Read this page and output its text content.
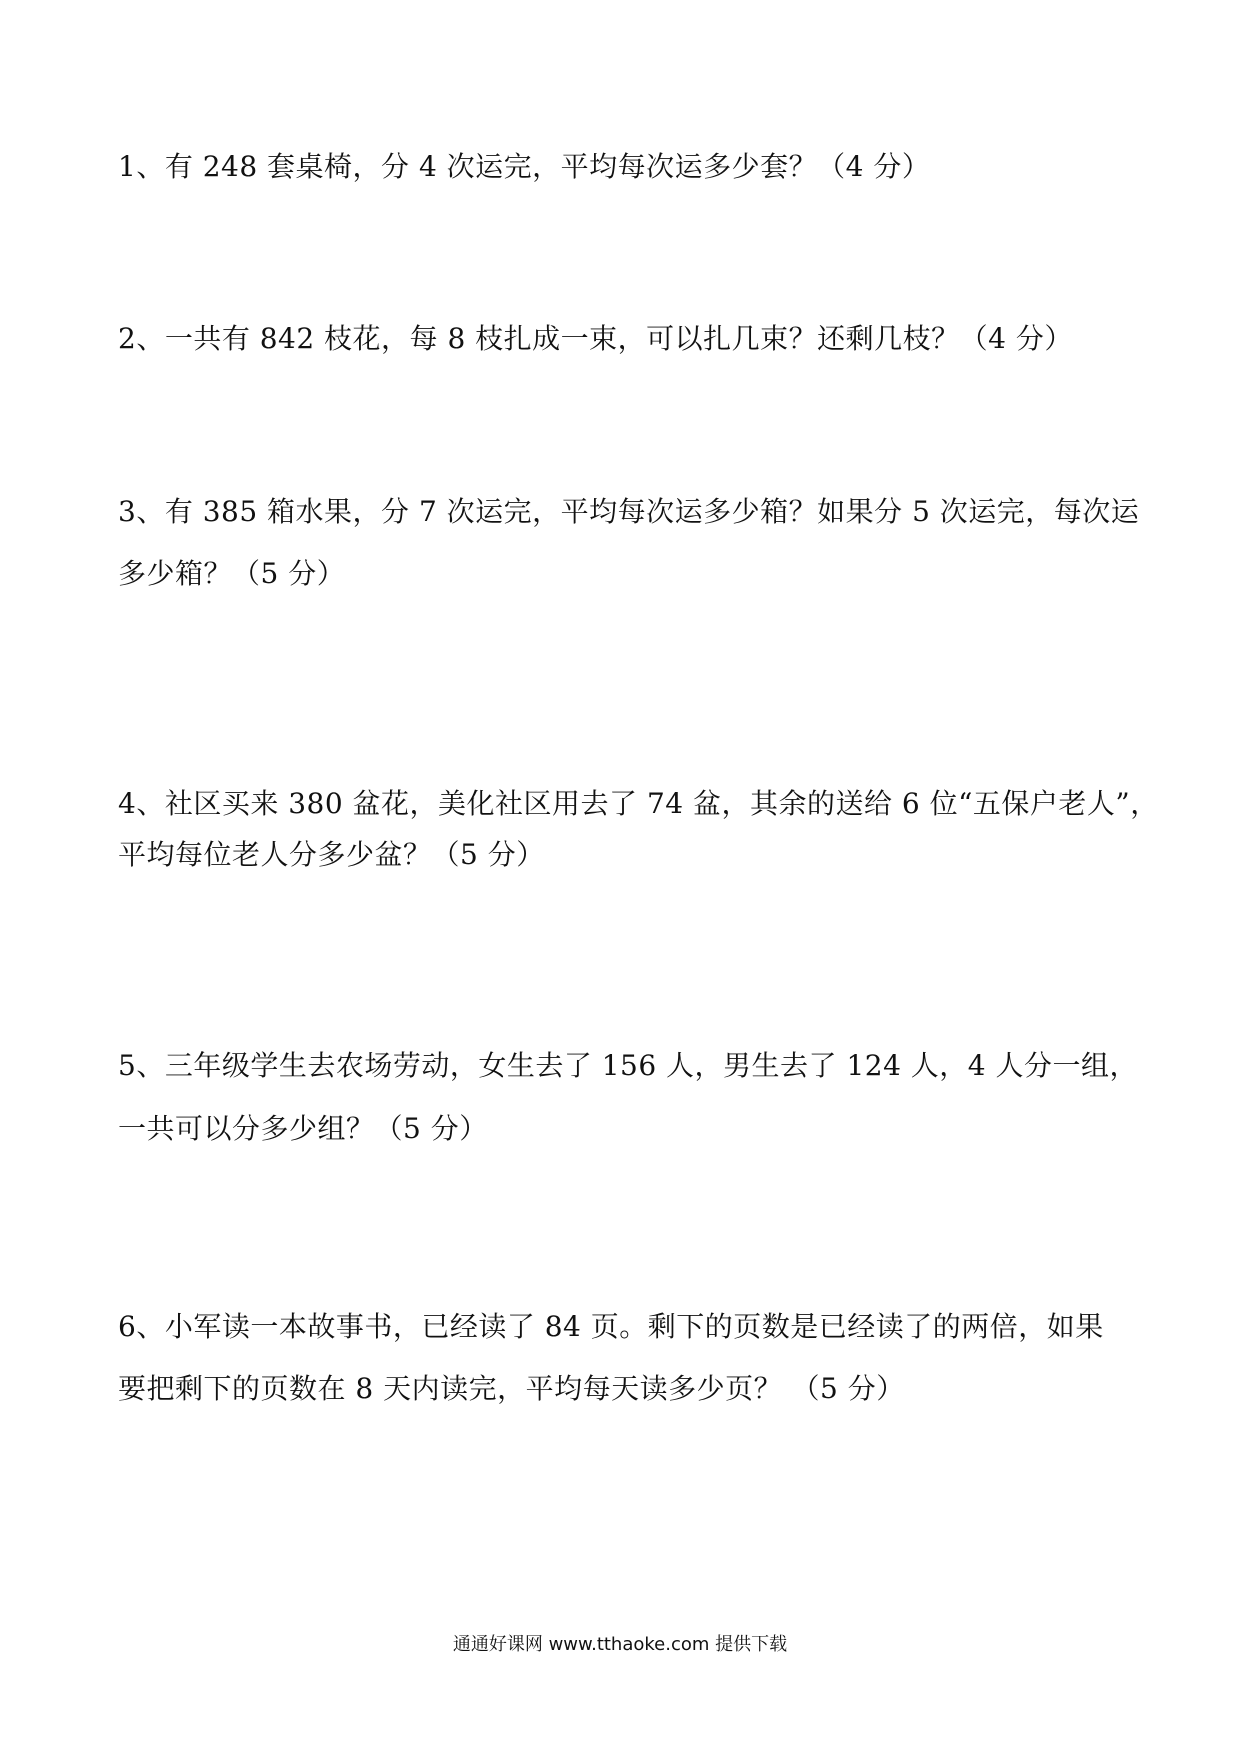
1、有 248 套桌椅，分 4 次运完，平均每次运多少套？（4 分）
2、一共有 842 枝花，每 8 枝扎成一束，可以扎几束？还剩几枝？（4 分）
3、有 385 箱水果，分 7 次运完，平均每次运多少箱？如果分 5 次运完，每次运
多少箱？（5 分）
4、社区买来 380 盆花，美化社区用去了 74 盆，其余的送给 6 位“五保户老人”，
平均每位老人分多少盆？（5 分）
5、三年级学生去农场劳动，女生去了 156 人，男生去了 124 人，4 人分一组，
一共可以分多少组？（5 分）
6、小军读一本故事书，已经读了 84 页。剩下的页数是已经读了的两倍，如果
要把剩下的页数在 8 天内读完，平均每天读多少页？ （5 分）
通通好课网 www.tthaoke.com 提供下载
